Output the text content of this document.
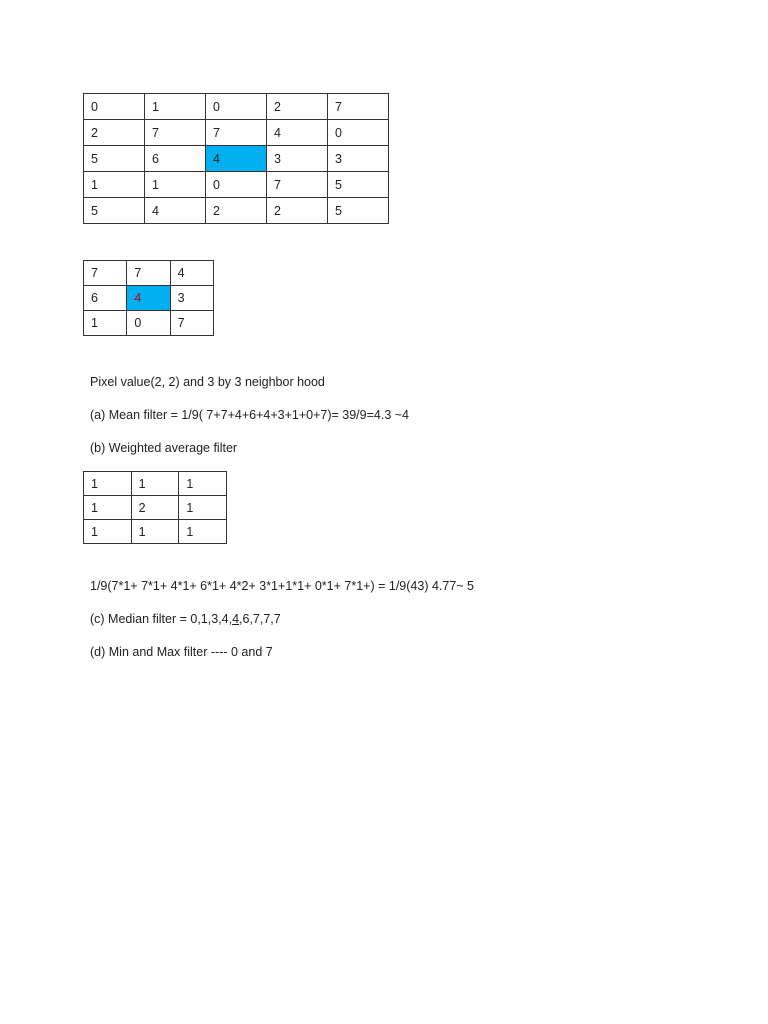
0	1	0	2	7
2	7	7	4	0
5	6	4	3	3
1	1	0	7	5
5	4	2	2	5
7	7	4
6	4	3
1	0	7
Pixel value(2, 2) and 3 by 3 neighbor hood
(a) Mean filter = 1/9( 7+7+4+6+4+3+1+0+7)= 39/9=4.3 ~4
(b) Weighted average filter
1	1	1
1	2	1
1	1	1
1/9(7*1+ 7*1+ 4*1+ 6*1+ 4*2+ 3*1+1*1+ 0*1+ 7*1+) = 1/9(43) 4.77~ 5
(c) Median filter = 0,1,3,4,4,6,7,7,7
(d) Min and Max filter ---- 0 and 7
